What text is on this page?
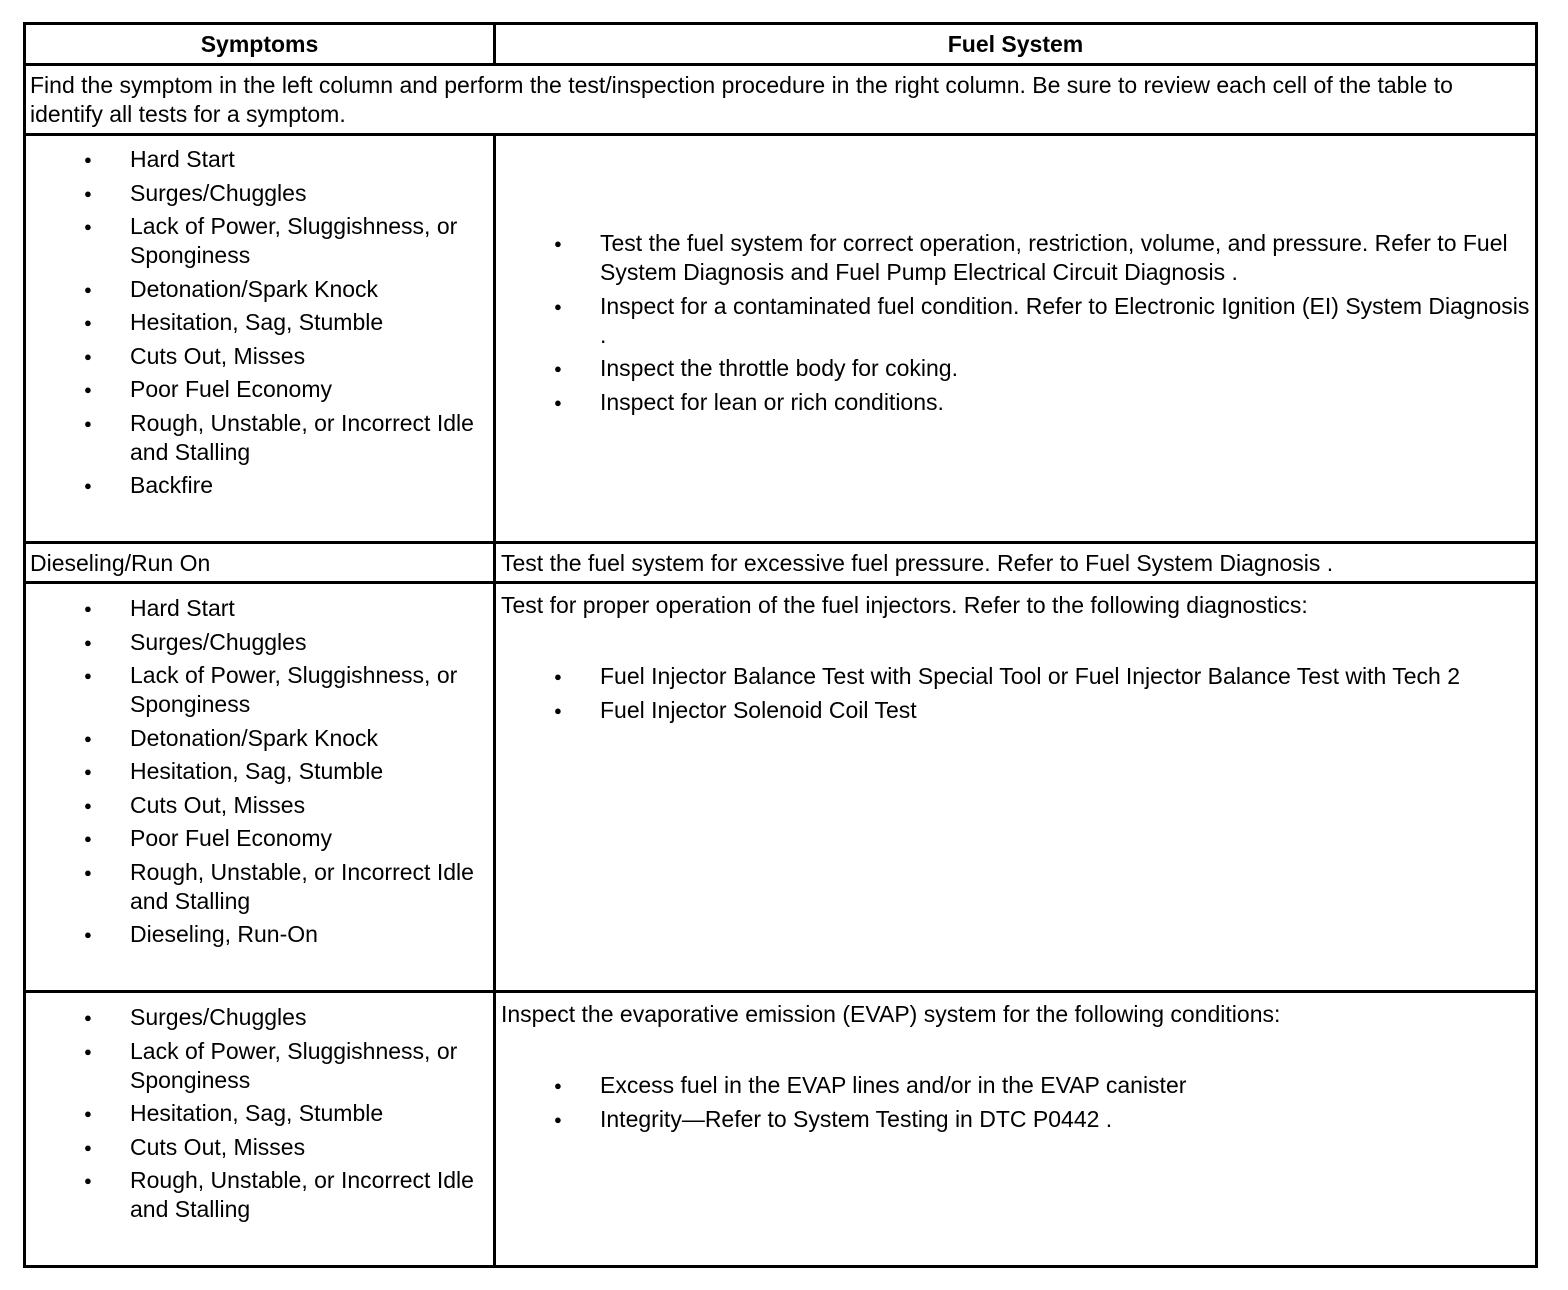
Symptoms	Fuel System
Find the symptom in the left column and perform the test/inspection procedure in the right column. Be sure to review each cell of the table to identify all tests for a symptom.
● Hard Start
● Surges/Chuggles
● Lack of Power, Sluggishness, or Sponginess
● Detonation/Spark Knock
● Hesitation, Sag, Stumble
● Cuts Out, Misses
● Poor Fuel Economy
● Rough, Unstable, or Incorrect Idle and Stalling
● Backfire
● Test the fuel system for correct operation, restriction, volume, and pressure. Refer to Fuel System Diagnosis and Fuel Pump Electrical Circuit Diagnosis .
● Inspect for a contaminated fuel condition. Refer to Electronic Ignition (EI) System Diagnosis .
● Inspect the throttle body for coking.
● Inspect for lean or rich conditions.
Dieseling/Run On	Test the fuel system for excessive fuel pressure. Refer to Fuel System Diagnosis .
● Hard Start
● Surges/Chuggles
● Lack of Power, Sluggishness, or Sponginess
● Detonation/Spark Knock
● Hesitation, Sag, Stumble
● Cuts Out, Misses
● Poor Fuel Economy
● Rough, Unstable, or Incorrect Idle and Stalling
● Dieseling, Run-On
Test for proper operation of the fuel injectors. Refer to the following diagnostics:
● Fuel Injector Balance Test with Special Tool or Fuel Injector Balance Test with Tech 2
● Fuel Injector Solenoid Coil Test
● Surges/Chuggles
● Lack of Power, Sluggishness, or Sponginess
● Hesitation, Sag, Stumble
● Cuts Out, Misses
● Rough, Unstable, or Incorrect Idle and Stalling
Inspect the evaporative emission (EVAP) system for the following conditions:
● Excess fuel in the EVAP lines and/or in the EVAP canister
● Integrity—Refer to System Testing in DTC P0442 .
